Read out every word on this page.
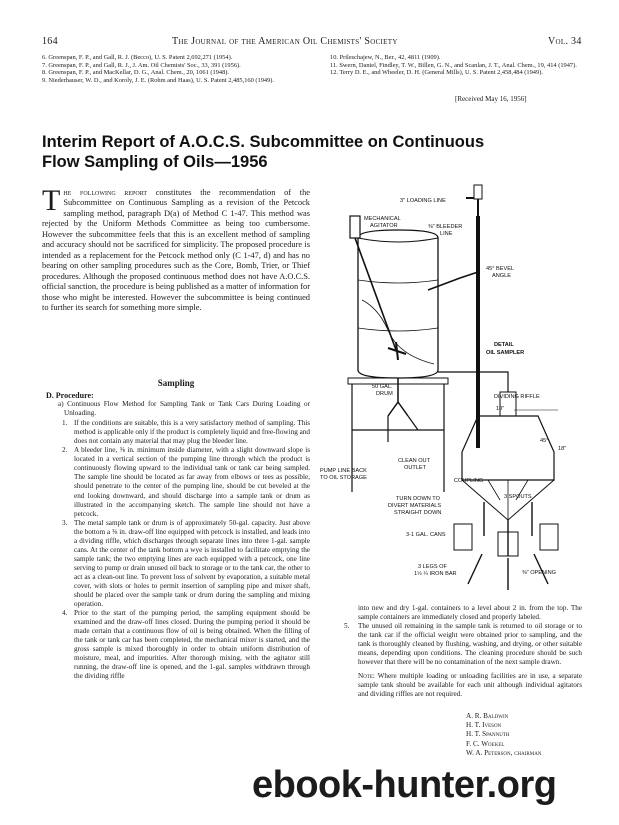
164	The Journal of the American Oil Chemists' Society	Vol. 34
6. Greenspan, F. P., and Gall, R. J. (Becco), U. S. Patent 2,692,271 (1954).
7. Greenspan, F. P., and Gall, R. J., J. Am. Oil Chemists' Soc., 33, 391 (1956).
8. Greenspan, F. P., and MacKellar, D. G., Anal. Chem., 20, 1061 (1948).
9. Niederhauser, W. D., and Koroly, J. E. (Rohm and Haas), U. S. Patent 2,485,160 (1949).
10. Prileschajew, N., Ber., 42, 4811 (1909).
11. Swern, Daniel, Findley, T. W., Billen, G. N., and Scanlan, J. T., Anal. Chem., 19, 414 (1947).
12. Terry D. E., and Wheeler, D. H. (General Mills), U. S. Patent 2,458,484 (1949).
[Received May 16, 1956]
Interim Report of A.O.C.S. Subcommittee on Continuous
Flow Sampling of Oils—1956
The following report constitutes the recommendation of the Subcommittee on Continuous Sampling as a revision of the Petcock sampling method, paragraph D(a) of Method C 1-47. This method was rejected by the Uniform Methods Committee as being too cumbersome. However the subcommittee feels that this is an excellent method of sampling and accuracy should not be sacrificed for simplicity. The proposed procedure is intended as a replacement for the Petcock method only (C 1-47, d) and has no bearing on other sampling procedures such as the Core, Bomb, Trier, or Thief procedures. Although the proposed continuous method does not have A.O.C.S. official sanction, the procedure is being published as a matter of information for those who might be interested. However the subcommittee is being continued to further its search for something more simple.
Sampling
D. Procedure:
a) Continuous Flow Method for Sampling Tank or Tank Cars During Loading or Unloading.
1. If the conditions are suitable, this is a very satisfactory method of sampling. This method is applicable only if the product is completely liquid and free-flowing and does not contain any material that may plug the bleeder line.
2. A bleeder line, ⅜ in. minimum inside diameter, with a slight downward slope is located in a vertical section of the pumping line through which the product is continuously flowing upward to the individual tank or tank car being sampled. The sample line should be located as far away from elbows or tees as possible, should penetrate to the center of the pumping line, should be cut beveled at the end looking downward, and should discharge into a sample tank or drum as illustrated in the accompanying sketch. The sample line should not have a petcock.
3. The metal sample tank or drum is of approximately 50-gal. capacity. Just above the bottom a ⅜ in. draw-off line equipped with petcock is installed, and leads into a dividing riffle, which discharges through separate lines into three 1-gal. sample cans. At the center of the tank bottom a wye is installed to facilitate emptying the sample tank; the two emptying lines are each equipped with a petcock, one line serving to pump or drain unused oil back to storage or to the tank car, the other to act as a clean-out line. To prevent loss of solvent by evaporation, a suitable metal cover, with slots or holes to permit insertion of sampling pipe and mixer shaft, should be placed over the sample tank or drum during the sampling and mixing operation.
4. Prior to the start of the pumping period, the sampling equipment should be examined and the draw-off lines closed. During the pumping period it should be made certain that a continuous flow of oil is being obtained. When the filling of the tank or tank car has been completed, the mechanical mixer is started, and the gross sample is mixed thoroughly in order to obtain uniform distribution of moisture, meal, and impurities. After thorough mixing, with the agitator still running, the draw-off line is opened, and the 1-gal. samples withdrawn through the dividing riffle
into new and dry 1-gal. containers to a level about 2 in. from the top. The sample containers are immediately closed and properly labeled.
5. The unused oil remaining in the sample tank is returned to oil storage or to the tank car if the official weight were obtained prior to sampling, and the tank is thoroughly cleaned by flushing, washing, and drying, or other suitable means, depending upon conditions. The cleaning procedure should be such however that there will be no contamination of the next sample drawn.
Note: Where multiple loading or unloading facilities are in use, a separate sample tank should be available for each unit although individual agitators and dividing riffles are not required.
A. R. Baldwin
H. T. Iveson
H. T. Spannuth
F. C. Woekel
W. A. Peterson, chairman
3" LOADING LINE
MECHANICAL
AGITATOR	⅜" BLEEDER
LINE
45° BEVEL
ANGLE
DETAIL
OIL SAMPLER
50 GAL.
DRUM	DIVIDING RIFFLE
10"
18"
45°
PUMP LINE BACK
TO OIL STORAGE
CLEAN OUT
OUTLET
COUPLING
3 SPOUTS
TURN DOWN TO
DIVERT MATERIALS
STRAIGHT DOWN
3-1 GAL. CANS
3 LEGS OF
1½ ¼ IRON BAR	⅜" OPENING
ebook-hunter.org
